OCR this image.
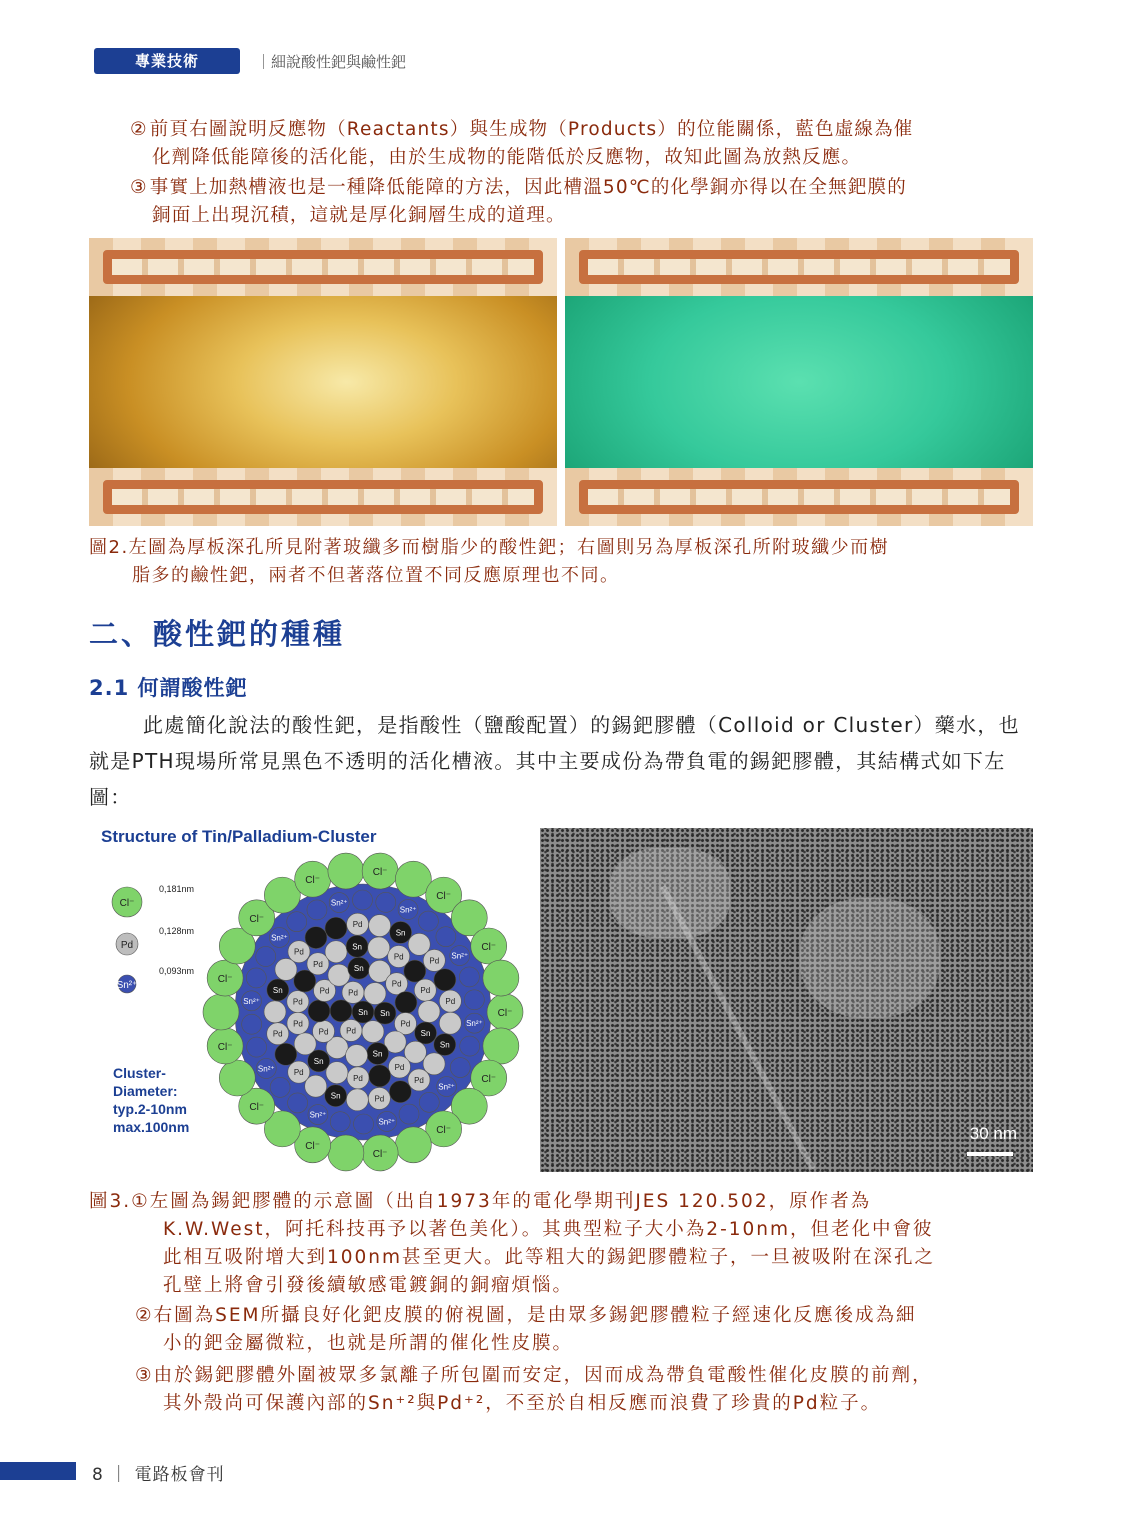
專業技術	｜細說酸性鈀與鹼性鈀
② 前頁右圖說明反應物（Reactants）與生成物（Products）的位能關係，藍色虛線為催
化劑降低能障後的活化能，由於生成物的能階低於反應物，故知此圖為放熱反應。
③ 事實上加熱槽液也是一種降低能障的方法，因此槽溫50℃的化學銅亦得以在全無鈀膜的
銅面上出現沉積，這就是厚化銅層生成的道理。
圖2.左圖為厚板深孔所見附著玻纖多而樹脂少的酸性鈀；右圖則另為厚板深孔所附玻纖少而樹
脂多的鹼性鈀，兩者不但著落位置不同反應原理也不同。
二、酸性鈀的種種
2.1 何謂酸性鈀
此處簡化說法的酸性鈀，是指酸性（鹽酸配置）的錫鈀膠體（Colloid or Cluster）藥水，也就是PTH現場所常見黑色不透明的活化槽液。其中主要成份為帶負電的錫鈀膠體，其結構式如下左圖：
Structure of Tin/Palladium-Cluster
Cl⁻
0,181nm
Pd
0,128nm
Sn²⁺
0,093nm
Cluster-
Diameter:
typ.2-10nm
max.100nm
Cl⁻
Cl⁻
Cl⁻
Cl⁻
Cl⁻
Cl⁻
Cl⁻
Cl⁻
Cl⁻
Cl⁻
Cl⁻
Cl⁻
Cl⁻
Sn²⁺
Sn²⁺
Sn²⁺
Sn²⁺
Sn²⁺
Sn²⁺
Sn²⁺
Sn²⁺
Sn²⁺
Sn²⁺
Sn
Pd
Pd
Sn
Pd
Pd
Sn
Pd
Pd
Sn
Pd
Pd
Sn
Pd
Pd
Sn
Pd
Pd
Sn
Pd
Pd
Sn
Pd
Pd
Sn
Pd
Pd
Sn
Pd
Pd
Sn
Pd
30 nm
圖3.①左圖為錫鈀膠體的示意圖（出自1973年的電化學期刊JES 120.502，原作者為
K.W.West，阿托科技再予以著色美化）。其典型粒子大小為2-10nm，但老化中會彼
此相互吸附增大到100nm甚至更大。此等粗大的錫鈀膠體粒子，一旦被吸附在深孔之
孔壁上將會引發後續敏感電鍍銅的銅瘤煩惱。
②右圖為SEM所攝良好化鈀皮膜的俯視圖，是由眾多錫鈀膠體粒子經速化反應後成為細
小的鈀金屬微粒，也就是所謂的催化性皮膜。
③由於錫鈀膠體外圍被眾多氯離子所包圍而安定，因而成為帶負電酸性催化皮膜的前劑，
其外殼尚可保護內部的Sn⁺²與Pd⁺²，不至於自相反應而浪費了珍貴的Pd粒子。
8 ｜ 電路板會刊
